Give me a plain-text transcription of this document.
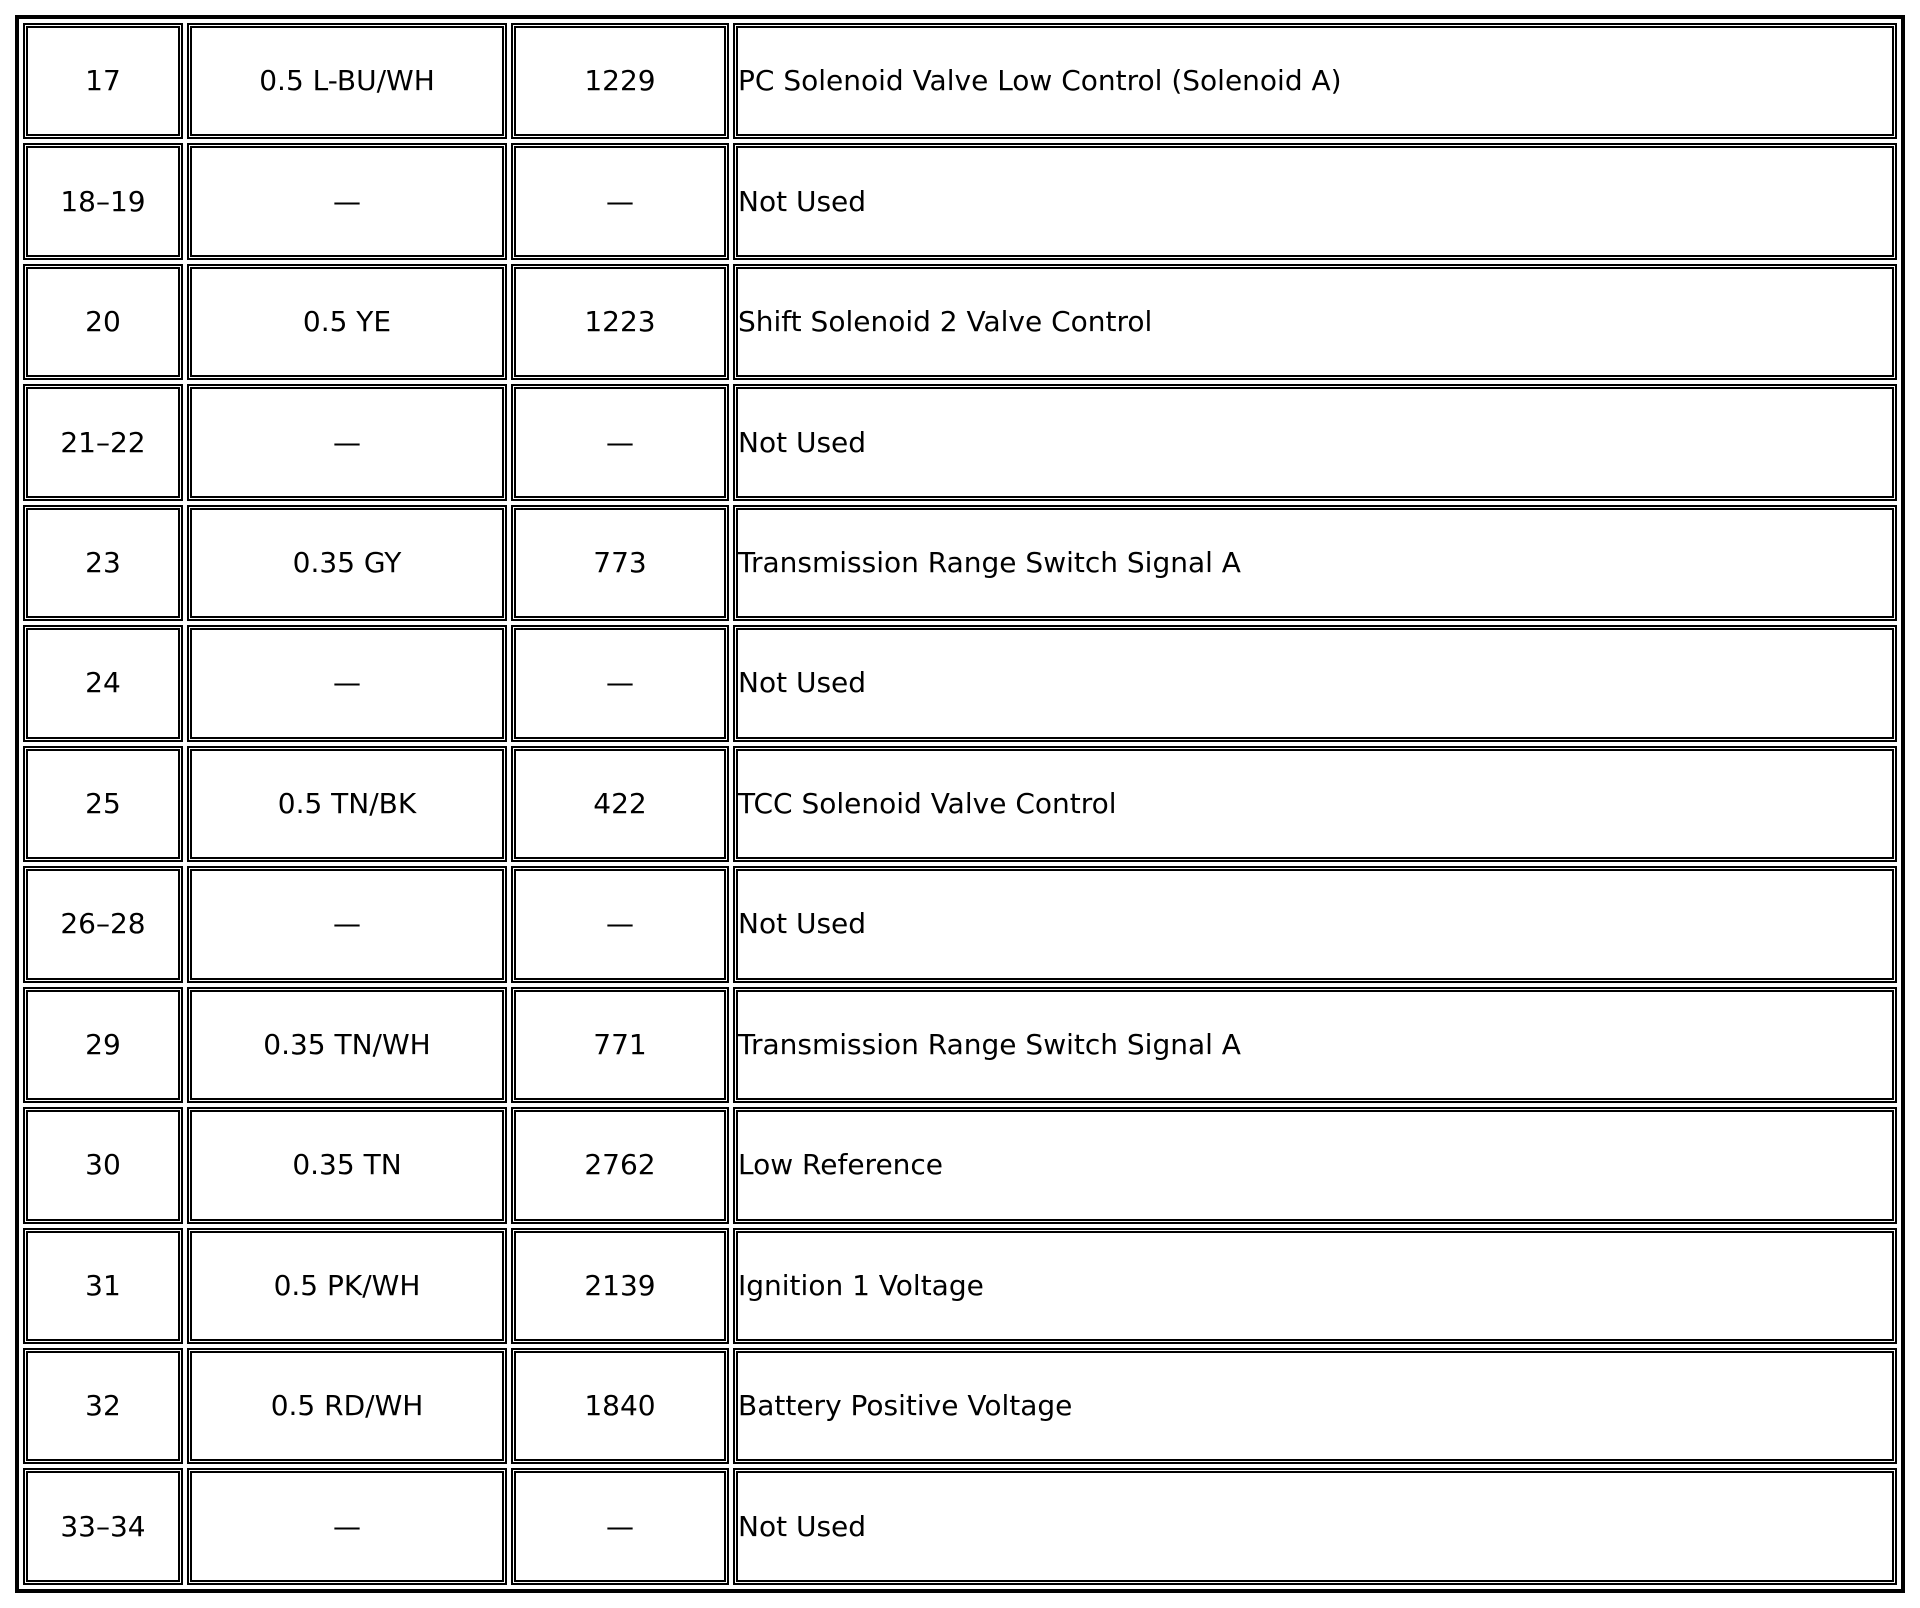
17	0.5 L-BU/WH	1229	PC Solenoid Valve Low Control (Solenoid A)
18–19	—	—	Not Used
20	0.5 YE	1223	Shift Solenoid 2 Valve Control
21–22	—	—	Not Used
23	0.35 GY	773	Transmission Range Switch Signal A
24	—	—	Not Used
25	0.5 TN/BK	422	TCC Solenoid Valve Control
26–28	—	—	Not Used
29	0.35 TN/WH	771	Transmission Range Switch Signal A
30	0.35 TN	2762	Low Reference
31	0.5 PK/WH	2139	Ignition 1 Voltage
32	0.5 RD/WH	1840	Battery Positive Voltage
33–34	—	—	Not Used
